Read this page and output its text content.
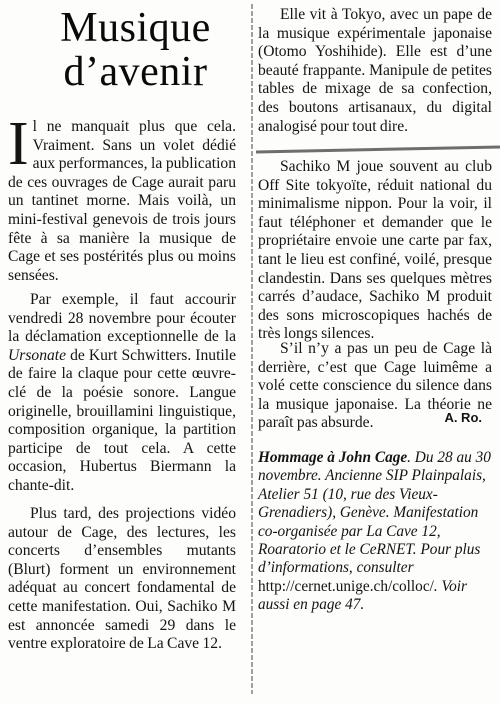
Musique
d’avenir

Il ne manquait plus que cela. Vraiment. Sans un volet dédié aux performances, la publication de ces ouvrages de Cage aurait paru un tantinet morne. Mais voilà, un mini-festival genevois de trois jours fête à sa manière la musique de Cage et ses postérités plus ou moins sensées.

Par exemple, il faut accourir vendredi 28 novembre pour écouter la déclamation exceptionnelle de la Ursonate de Kurt Schwitters. Inutile de faire la claque pour cette œuvre-clé de la poésie sonore. Langue originelle, brouillamini linguistique, composition organique, la partition participe de tout cela. A cette occasion, Hubertus Biermann la chante-dit.

Plus tard, des projections vidéo autour de Cage, des lectures, les concerts d’ensembles mutants (Blurt) forment un environnement adéquat au concert fondamental de cette manifestation. Oui, Sachiko M est annoncée samedi 29 dans le ventre exploratoire de La Cave 12.

Elle vit à Tokyo, avec un pape de la musique expérimentale japonaise (Otomo Yoshihide). Elle est d’une beauté frappante. Manipule de petites tables de mixage de sa confection, des boutons artisanaux, du digital analogisé pour tout dire.

Sachiko M joue souvent au club Off Site tokyoïte, réduit national du minimalisme nippon. Pour la voir, il faut téléphoner et demander que le propriétaire envoie une carte par fax, tant le lieu est confiné, voilé, presque clandestin. Dans ses quelques mètres carrés d’audace, Sachiko M produit des sons microscopiques hachés de très longs silences.

S’il n’y a pas un peu de Cage là derrière, c’est que Cage luimême a volé cette conscience du silence dans la musique japonaise. La théorie ne paraît pas absurde.	A. Ro.

Hommage à John Cage. Du 28 au 30 novembre. Ancienne SIP Plainpalais, Atelier 51 (10, rue des Vieux-Grenadiers), Genève. Manifestation co-organisée par La Cave 12, Roaratorio et le CeRNET. Pour plus d’informations, consulter http://cernet.unige.ch/colloc/. Voir aussi en page 47.
